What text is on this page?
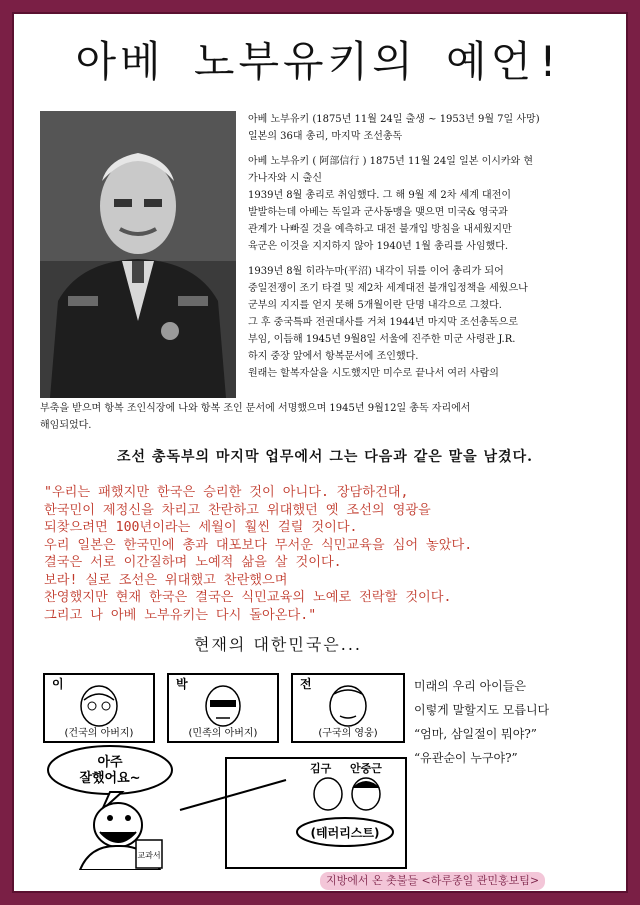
아베 노부유키의 예언!

아베 노부유키 (1875년 11월 24일 출생 ~ 1953년 9월 7일 사망)
일본의 36대 총리, 마지막 조선총독

아베 노부유키 ( 阿部信行 ) 1875년 11월 24일 일본 이시카와 현
가나자와 시 출신
1939년 8월 총리로 취임했다. 그 해 9월 제 2차 세계 대전이
발발하는데 아베는 독일과 군사동맹을 맺으면 미국& 영국과
관계가 나빠질 것을 예측하고 대전 불개입 방침을 내세웠지만
육군은 이것을 지지하지 않아 1940년 1월 총리를 사임했다.

1939년 8월 히라누마(平沼) 내각이 뒤를 이어 총리가 되어
중일전쟁이 조기 타결 및 제2차 세계대전 불개입정책을 세웠으나
군부의 지지를 얻지 못해 5개월이란 단명 내각으로 그쳤다.
그 후 중국특파 전권대사를 거쳐 1944년 마지막 조선총독으로
부임, 이듬해 1945년 9월8일 서울에 진주한 미군 사령관 J.R.
하지 중장 앞에서 항복문서에 조인했다.
원래는 할복자살을 시도했지만 미수로 끝나서 여러 사람의

부축을 받으며 항복 조인식장에 나와 항복 조인 문서에 서명했으며 1945년 9월12일 총독 자리에서
해임되었다.
조선 총독부의 마지막 업무에서 그는 다음과 같은 말을 남겼다.
"우리는 패했지만 한국은 승리한 것이 아니다. 장담하건대,
한국민이 제정신을 차리고 찬란하고 위대했던 옛 조선의 영광을
되찾으려면 100년이라는 세월이 훨씬 걸릴 것이다.
우리 일본은 한국민에 총과 대포보다 무서운 식민교육을 심어 놓았다.
결국은 서로 이간질하며 노예적 삶을 살 것이다.
보라! 실로 조선은 위대했고 찬란했으며
찬영했지만 현재 한국은 결국은 식민교육의 노예로 전락할 것이다.
그리고 나 아베 노부유키는 다시 돌아온다."
현재의 대한민국은...
이
(건국의 아버지)
박
(민족의 아버지)
전
(구국의 영웅)
아주
잘했어요~
교과서
김구 안중근
(테러리스트)
미래의 우리 아이들은
이렇게 말할지도 모릅니다
“엄마, 삼일절이 뭐야?”
“유관순이 누구야?”
지방에서 온 촛불들 <하루종일 관민홍보팀>
